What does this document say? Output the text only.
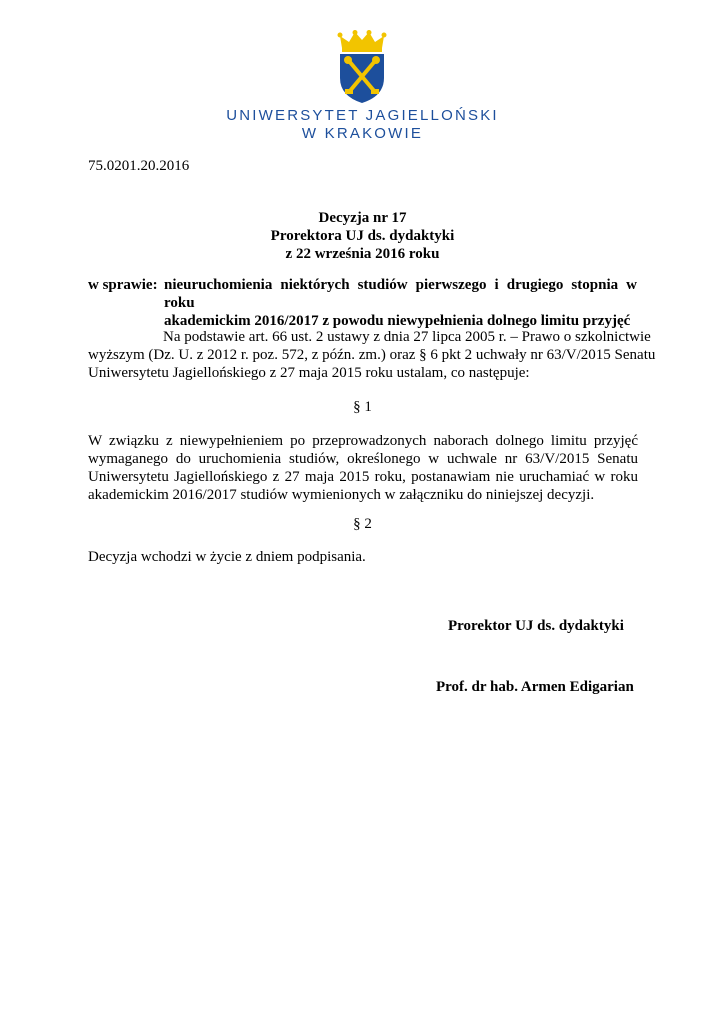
UNIWERSYTET JAGIELLOŃSKI
W KRAKOWIE
75.0201.20.2016
Decyzja nr 17
Prorektora UJ ds. dydaktyki
z 22 września 2016 roku
w sprawie: nieuruchomienia niektórych studiów pierwszego i drugiego stopnia w roku
akademickim 2016/2017 z powodu niewypełnienia dolnego limitu przyjęć
Na podstawie art. 66 ust. 2 ustawy z dnia 27 lipca 2005 r. – Prawo o szkolnictwie
wyższym (Dz. U. z 2012 r. poz. 572, z późn. zm.) oraz § 6 pkt 2 uchwały nr 63/V/2015 Senatu
Uniwersytetu Jagiellońskiego z 27 maja 2015 roku ustalam, co następuje:
§ 1
W związku z niewypełnieniem po przeprowadzonych naborach dolnego limitu przyjęć
wymaganego do uruchomienia studiów, określonego w uchwale nr 63/V/2015 Senatu
Uniwersytetu Jagiellońskiego z 27 maja 2015 roku, postanawiam nie uruchamiać w roku
akademickim 2016/2017 studiów wymienionych w załączniku do niniejszej decyzji.
§ 2
Decyzja wchodzi w życie z dniem podpisania.
Prorektor UJ ds. dydaktyki
Prof. dr hab. Armen Edigarian
